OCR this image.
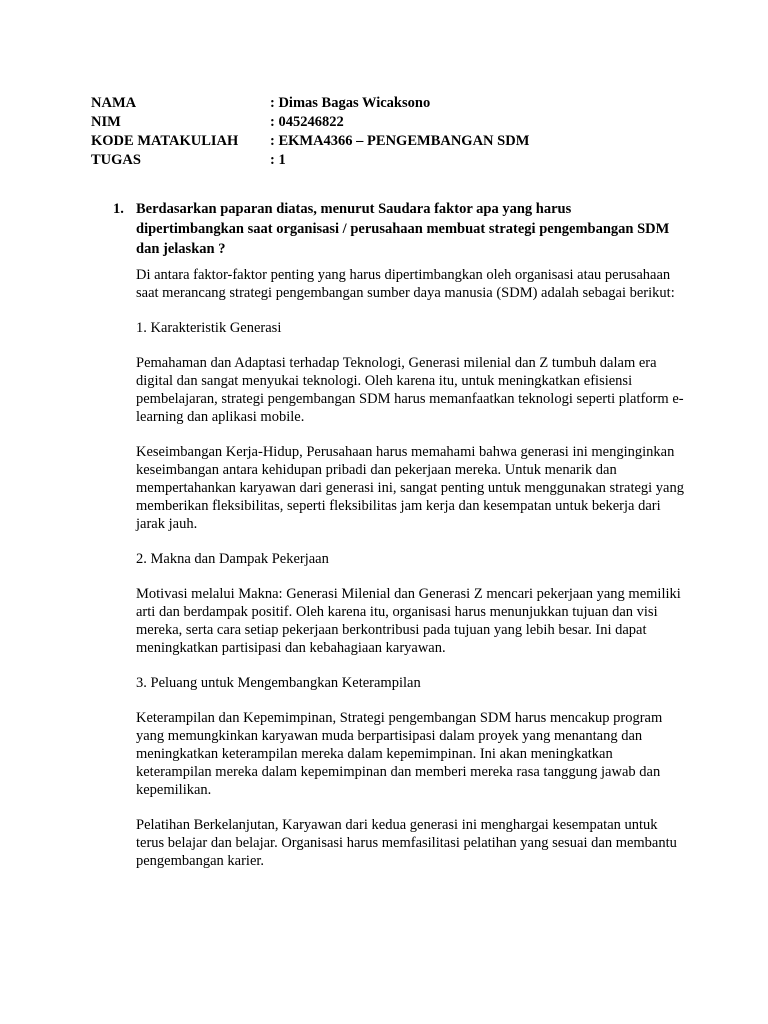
NAMA	: Dimas Bagas Wicaksono
NIM	: 045246822
KODE MATAKULIAH	: EKMA4366 – PENGEMBANGAN SDM
TUGAS	: 1
1. Berdasarkan paparan diatas, menurut Saudara faktor apa yang harus dipertimbangkan saat organisasi / perusahaan membuat strategi pengembangan SDM dan jelaskan ?

Di antara faktor-faktor penting yang harus dipertimbangkan oleh organisasi atau perusahaan saat merancang strategi pengembangan sumber daya manusia (SDM) adalah sebagai berikut:

1. Karakteristik Generasi

Pemahaman dan Adaptasi terhadap Teknologi, Generasi milenial dan Z tumbuh dalam era digital dan sangat menyukai teknologi. Oleh karena itu, untuk meningkatkan efisiensi pembelajaran, strategi pengembangan SDM harus memanfaatkan teknologi seperti platform e-learning dan aplikasi mobile.

Keseimbangan Kerja-Hidup, Perusahaan harus memahami bahwa generasi ini menginginkan keseimbangan antara kehidupan pribadi dan pekerjaan mereka. Untuk menarik dan mempertahankan karyawan dari generasi ini, sangat penting untuk menggunakan strategi yang memberikan fleksibilitas, seperti fleksibilitas jam kerja dan kesempatan untuk bekerja dari jarak jauh.

2. Makna dan Dampak Pekerjaan

Motivasi melalui Makna: Generasi Milenial dan Generasi Z mencari pekerjaan yang memiliki arti dan berdampak positif. Oleh karena itu, organisasi harus menunjukkan tujuan dan visi mereka, serta cara setiap pekerjaan berkontribusi pada tujuan yang lebih besar. Ini dapat meningkatkan partisipasi dan kebahagiaan karyawan.

3. Peluang untuk Mengembangkan Keterampilan

Keterampilan dan Kepemimpinan, Strategi pengembangan SDM harus mencakup program yang memungkinkan karyawan muda berpartisipasi dalam proyek yang menantang dan meningkatkan keterampilan mereka dalam kepemimpinan. Ini akan meningkatkan keterampilan mereka dalam kepemimpinan dan memberi mereka rasa tanggung jawab dan kepemilikan.

Pelatihan Berkelanjutan, Karyawan dari kedua generasi ini menghargai kesempatan untuk terus belajar dan belajar. Organisasi harus memfasilitasi pelatihan yang sesuai dan membantu pengembangan karier.
